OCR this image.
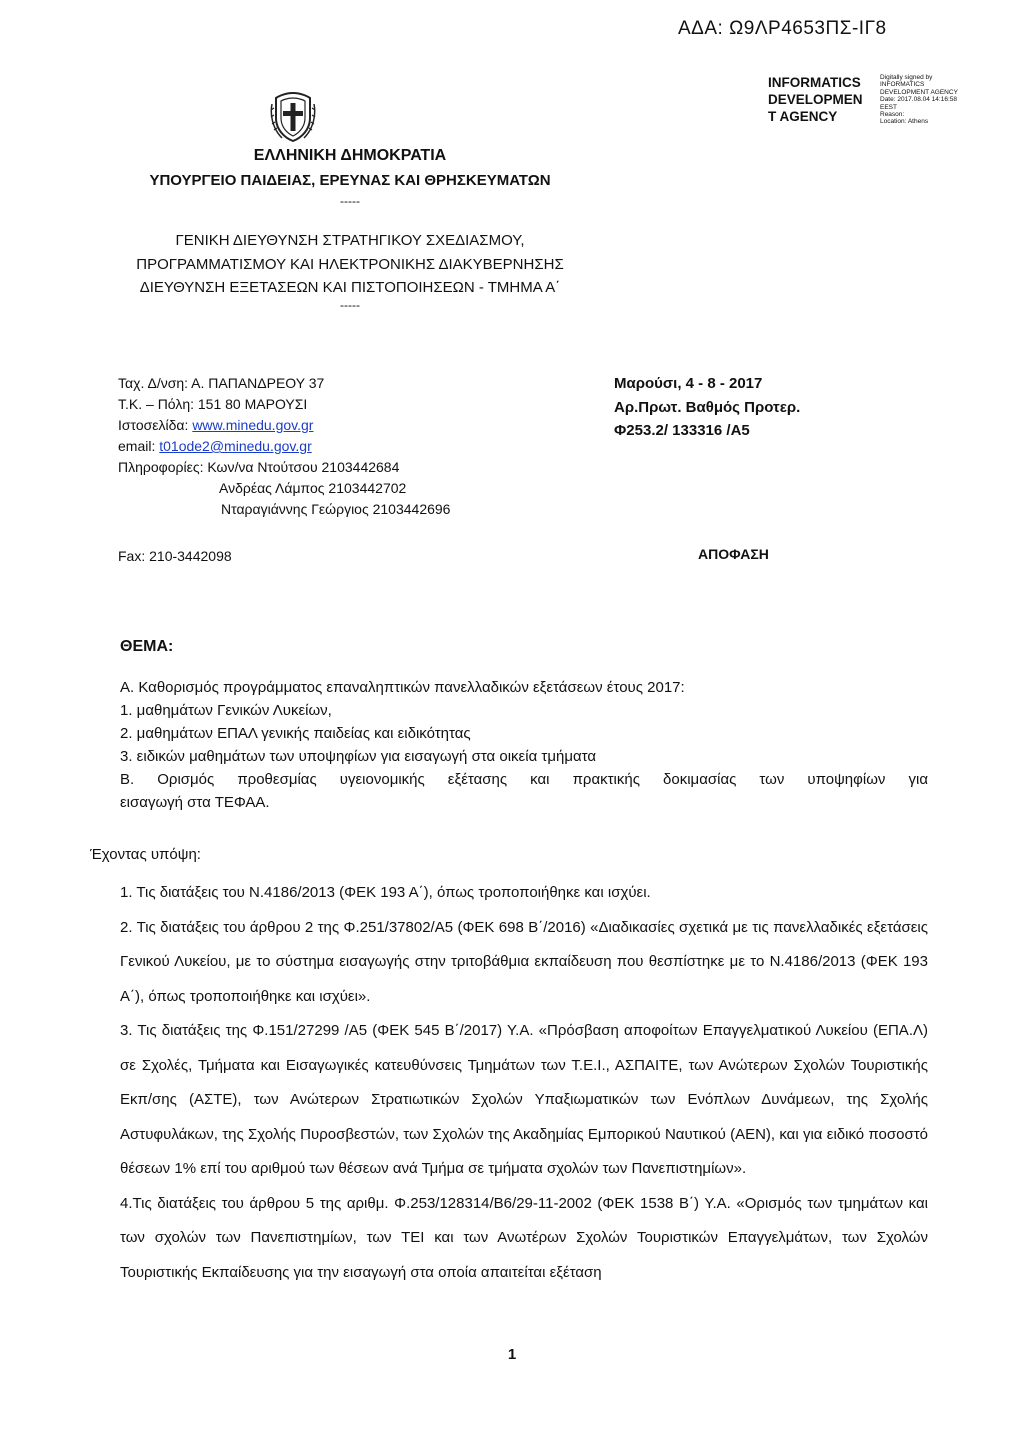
ΑΔΑ: Ω9ΛΡ4653ΠΣ-ΙΓ8
INFORMATICS
DEVELOPMEN
T AGENCY
Digitally signed by
INFORMATICS
DEVELOPMENT AGENCY
Date: 2017.08.04 14:16:58
EEST
Reason:
Location: Athens
ΕΛΛΗΝΙΚΗ ΔΗΜΟΚΡΑΤΙΑ
ΥΠΟΥΡΓΕΙΟ ΠΑΙΔΕΙΑΣ, ΕΡΕΥΝΑΣ ΚΑΙ ΘΡΗΣΚΕΥΜΑΤΩΝ
-----
ΓΕΝΙΚΗ ΔΙΕΥΘΥΝΣΗ ΣΤΡΑΤΗΓΙΚΟΥ ΣΧΕΔΙΑΣΜΟΥ,
ΠΡΟΓΡΑΜΜΑΤΙΣΜΟΥ ΚΑΙ ΗΛΕΚΤΡΟΝΙΚΗΣ ΔΙΑΚΥΒΕΡΝΗΣΗΣ
ΔΙΕΥΘΥΝΣΗ ΕΞΕΤΑΣΕΩΝ ΚΑΙ ΠΙΣΤΟΠΟΙΗΣΕΩΝ - ΤΜΗΜΑ Α΄
-----
Ταχ. Δ/νση: Α. ΠΑΠΑΝΔΡΕΟΥ 37
Τ.Κ. – Πόλη: 151 80 ΜΑΡΟΥΣΙ
Ιστοσελίδα: www.minedu.gov.gr
email: t01ode2@minedu.gov.gr
Πληροφορίες: Κων/να Ντούτσου 2103442684
Ανδρέας Λάμπος 2103442702
Νταραγιάννης Γεώργιος 2103442696
Fax: 210-3442098
Μαρούσι, 4 - 8 - 2017
Αρ.Πρωτ. Βαθμός Προτερ.
Φ253.2/ 133316 /Α5
ΑΠΟΦΑΣΗ
ΘΕΜΑ:
Α. Καθορισμός προγράμματος επαναληπτικών πανελλαδικών εξετάσεων έτους 2017:
1. μαθημάτων Γενικών Λυκείων,
2. μαθημάτων ΕΠΑΛ γενικής παιδείας και ειδικότητας
3. ειδικών μαθημάτων των υποψηφίων για εισαγωγή στα οικεία τμήματα
Β. Ορισμός προθεσμίας υγειονομικής εξέτασης και πρακτικής δοκιμασίας των υποψηφίων για
εισαγωγή στα ΤΕΦΑΑ.
Έχοντας υπόψη:

1. Τις διατάξεις του Ν.4186/2013 (ΦΕΚ 193 Α΄), όπως τροποποιήθηκε και ισχύει.

2. Τις διατάξεις του άρθρου 2 της Φ.251/37802/Α5 (ΦΕΚ 698 Β΄/2016) «Διαδικασίες σχετικά με τις πανελλαδικές εξετάσεις Γενικού Λυκείου, με το σύστημα εισαγωγής στην τριτοβάθμια εκπαίδευση που θεσπίστηκε με το Ν.4186/2013 (ΦΕΚ 193 Α΄), όπως τροποποιήθηκε και ισχύει».

3. Τις διατάξεις της Φ.151/27299 /Α5 (ΦΕΚ 545 Β΄/2017) Υ.Α. «Πρόσβαση αποφοίτων Επαγγελματικού Λυκείου (ΕΠΑ.Λ) σε Σχολές, Τμήματα και Εισαγωγικές κατευθύνσεις Τμημάτων των Τ.Ε.Ι., ΑΣΠΑΙΤΕ, των Ανώτερων Σχολών Τουριστικής Εκπ/σης (ΑΣΤΕ), των Ανώτερων Στρατιωτικών Σχολών Υπαξιωματικών των Ενόπλων Δυνάμεων, της Σχολής Αστυφυλάκων, της Σχολής Πυροσβεστών, των Σχολών της Ακαδημίας Εμπορικού Ναυτικού (ΑΕΝ), και για ειδικό ποσοστό θέσεων 1% επί του αριθμού των θέσεων ανά Τμήμα σε τμήματα σχολών των Πανεπιστημίων».

4.Τις διατάξεις του άρθρου 5 της αριθμ. Φ.253/128314/Β6/29-11-2002 (ΦΕΚ 1538 Β΄) Υ.Α. «Ορισμός των τμημάτων και των σχολών των Πανεπιστημίων, των ΤΕΙ και των Ανωτέρων Σχολών Τουριστικών Επαγγελμάτων, των Σχολών Τουριστικής Εκπαίδευσης για την εισαγωγή στα οποία απαιτείται εξέταση

1
